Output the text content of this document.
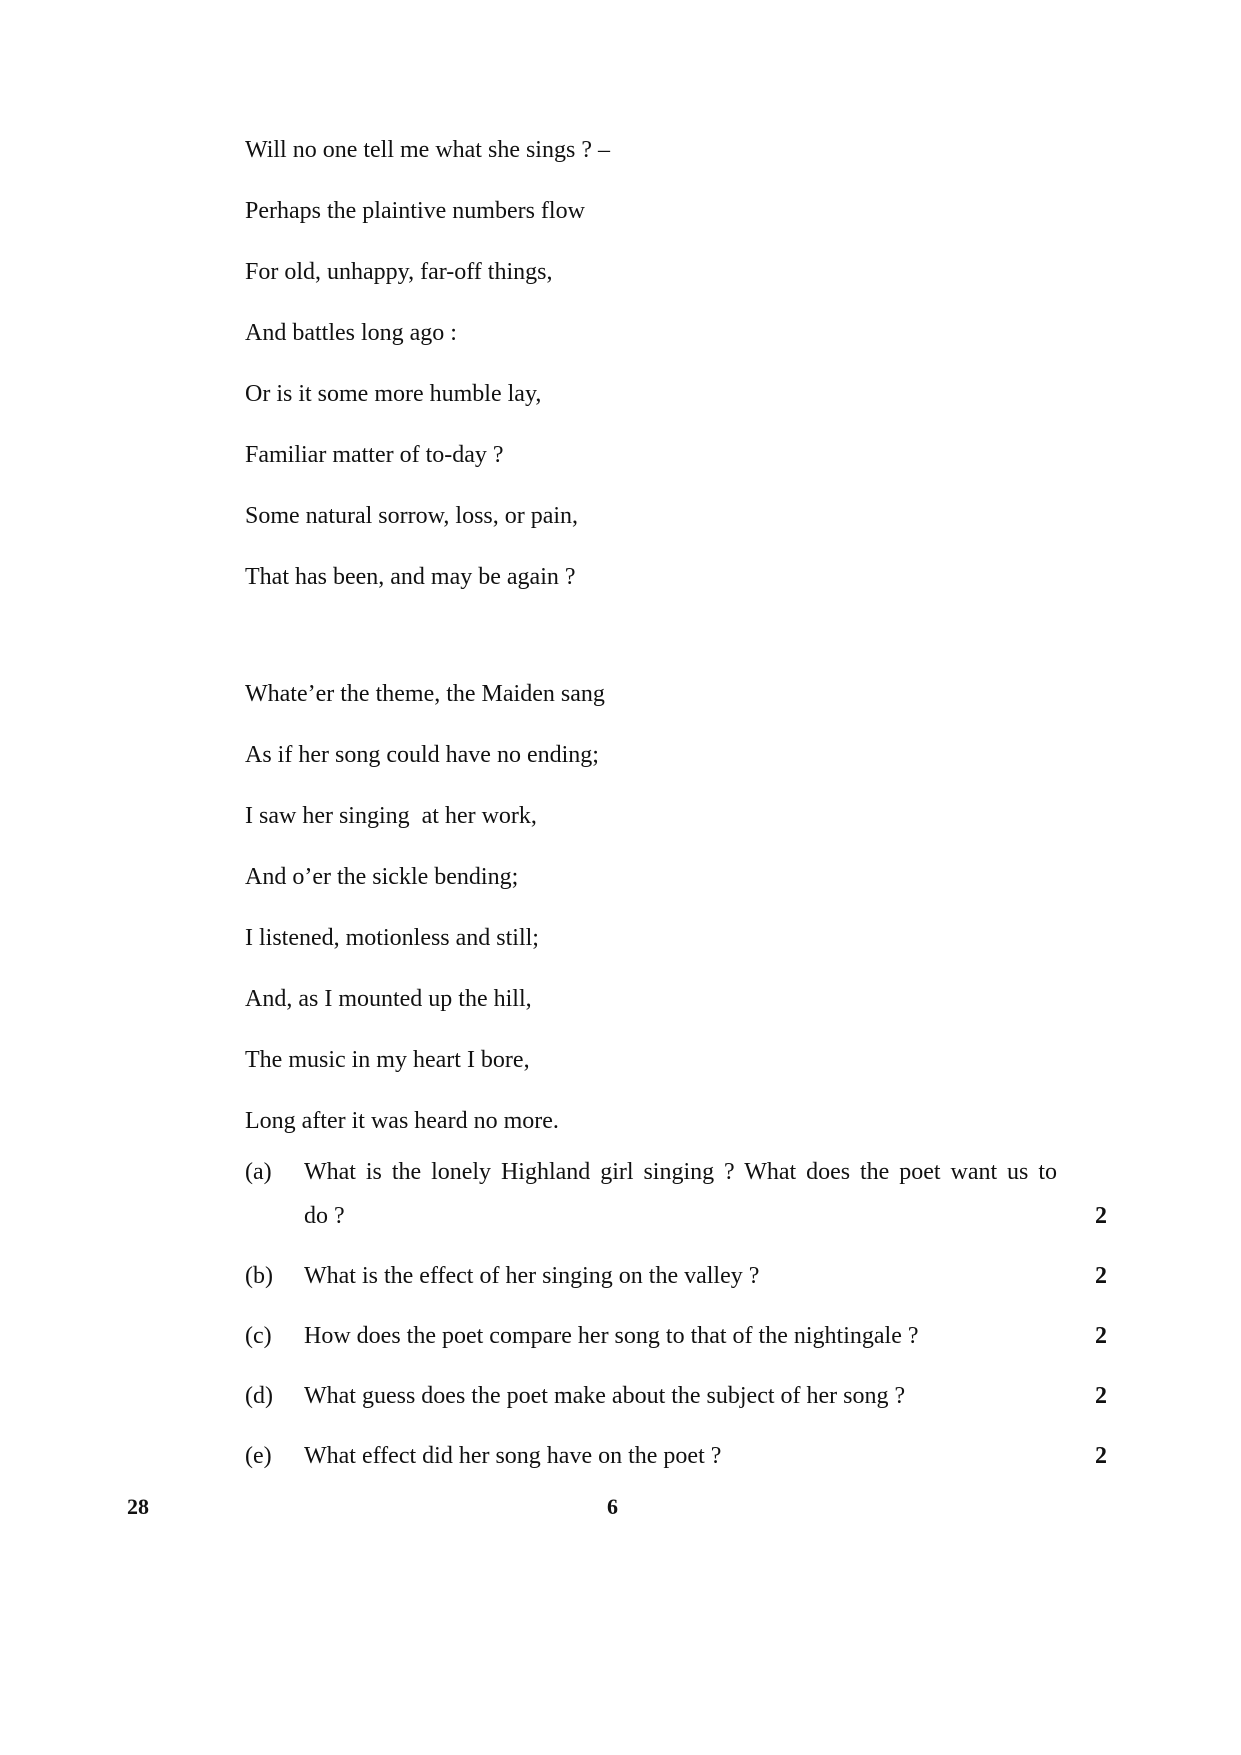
Will no one tell me what she sings ? –
Perhaps the plaintive numbers flow
For old, unhappy, far-off things,
And battles long ago :
Or is it some more humble lay,
Familiar matter of to-day ?
Some natural sorrow, loss, or pain,
That has been, and may be again ?
Whate’er the theme, the Maiden sang
As if her song could have no ending;
I saw her singing  at her work,
And o’er the sickle bending;
I listened, motionless and still;
And, as I mounted up the hill,
The music in my heart I bore,
Long after it was heard no more.
(a)	What is the lonely Highland girl singing ? What does the poet want us to
do ?	2
(b)	What is the effect of her singing on the valley ?	2
(c)	How does the poet compare her song to that of the nightingale ?	2
(d)	What guess does the poet make about the subject of her song ?	2
(e)	What effect did her song have on the poet ?	2
28	6
